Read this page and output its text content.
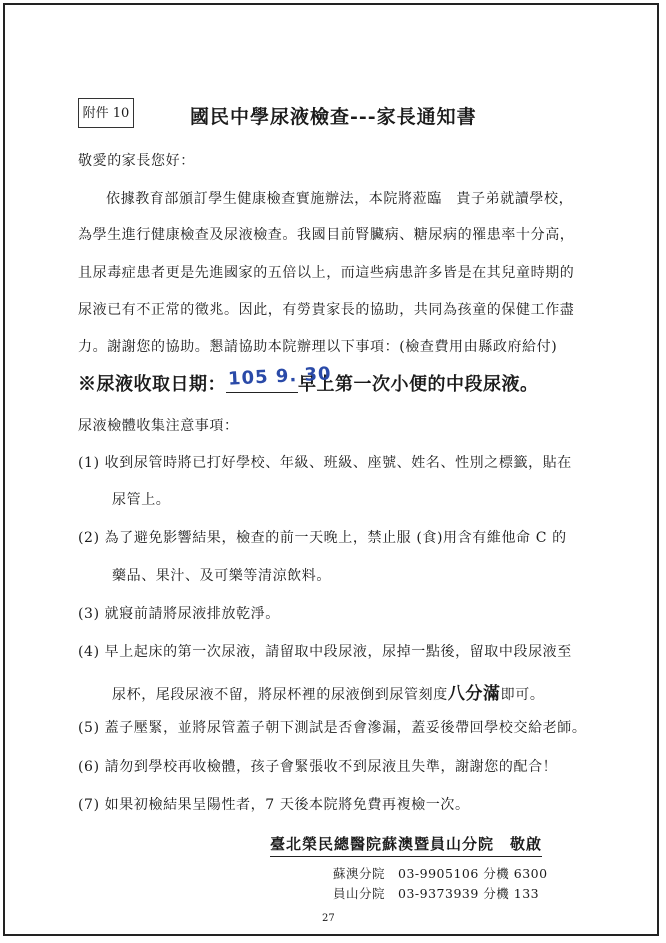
附件 10	國民中學尿液檢查---家長通知書
敬愛的家長您好：
依據教育部頒訂學生健康檢查實施辦法，本院將蒞臨　貴子弟就讀學校，
為學生進行健康檢查及尿液檢查。我國目前腎臟病、糖尿病的罹患率十分高，
且尿毒症患者更是先進國家的五倍以上，而這些病患許多皆是在其兒童時期的
尿液已有不正常的徵兆。因此，有勞貴家長的協助，共同為孩童的保健工作盡
力。謝謝您的協助。懇請協助本院辦理以下事項：(檢查費用由縣政府給付)
※尿液收取日期：	早上第一次小便的中段尿液。
105 9. 30
尿液檢體收集注意事項：
(1) 收到尿管時將已打好學校、年級、班級、座號、姓名、性別之標籤，貼在
尿管上。
(2) 為了避免影響結果，檢查的前一天晚上，禁止服 (食)用含有維他命 C 的
藥品、果汁、及可樂等清涼飲料。
(3) 就寢前請將尿液排放乾淨。
(4) 早上起床的第一次尿液，請留取中段尿液，尿掉一點後，留取中段尿液至
尿杯，尾段尿液不留，將尿杯裡的尿液倒到尿管刻度八分滿即可。
(5) 蓋子壓緊，並將尿管蓋子朝下測試是否會滲漏，蓋妥後帶回學校交給老師。
(6) 請勿到學校再收檢體，孩子會緊張收不到尿液且失準，謝謝您的配合！
(7) 如果初檢結果呈陽性者，7 天後本院將免費再複檢一次。
臺北榮民總醫院蘇澳暨員山分院　敬啟
蘇澳分院　03-9905106 分機 6300
員山分院　03-9373939 分機 133
27
